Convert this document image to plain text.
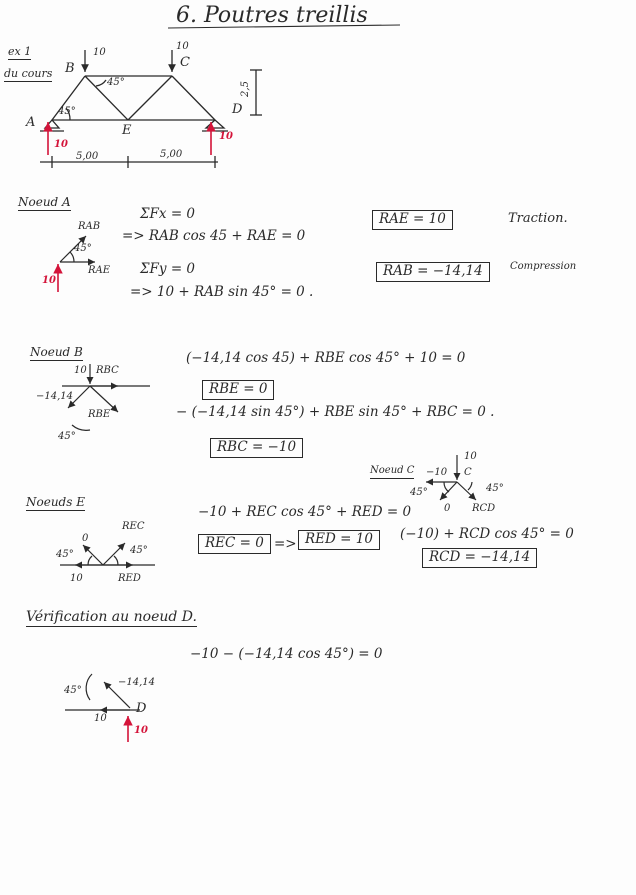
6. Poutres treillis
ex 1
du cours
A
B	C
D
E
10
10
45°
45°
10
10
2,5
5,00	5,00
Noeud A
RAB
45°
RAE
10
ΣFx = 0
=> RAB cos 45 + RAE = 0
ΣFy = 0
=> 10 + RAB sin 45° = 0 .
RAE = 10
RAB = −14,14
Traction.
Compression
Noeud B
10 RBC
−14,14
RBE
45°
(−14,14 cos 45) + RBE cos 45° + 10 = 0
RBE = 0
− (−14,14 sin 45°) + RBE sin 45° + RBC = 0 .
RBC = −10
Noeud C
10
−10 C
45°	45°
0 RCD
(−10) + RCD cos 45° = 0
RCD = −14,14
Noeuds E
0
REC
45°	45°
10	RED
−10 + REC cos 45° + RED = 0
REC = 0 => RED = 10
Vérification au noeud D.
−10 − (−14,14 cos 45°) = 0
45°
−14,14
10
D
10
